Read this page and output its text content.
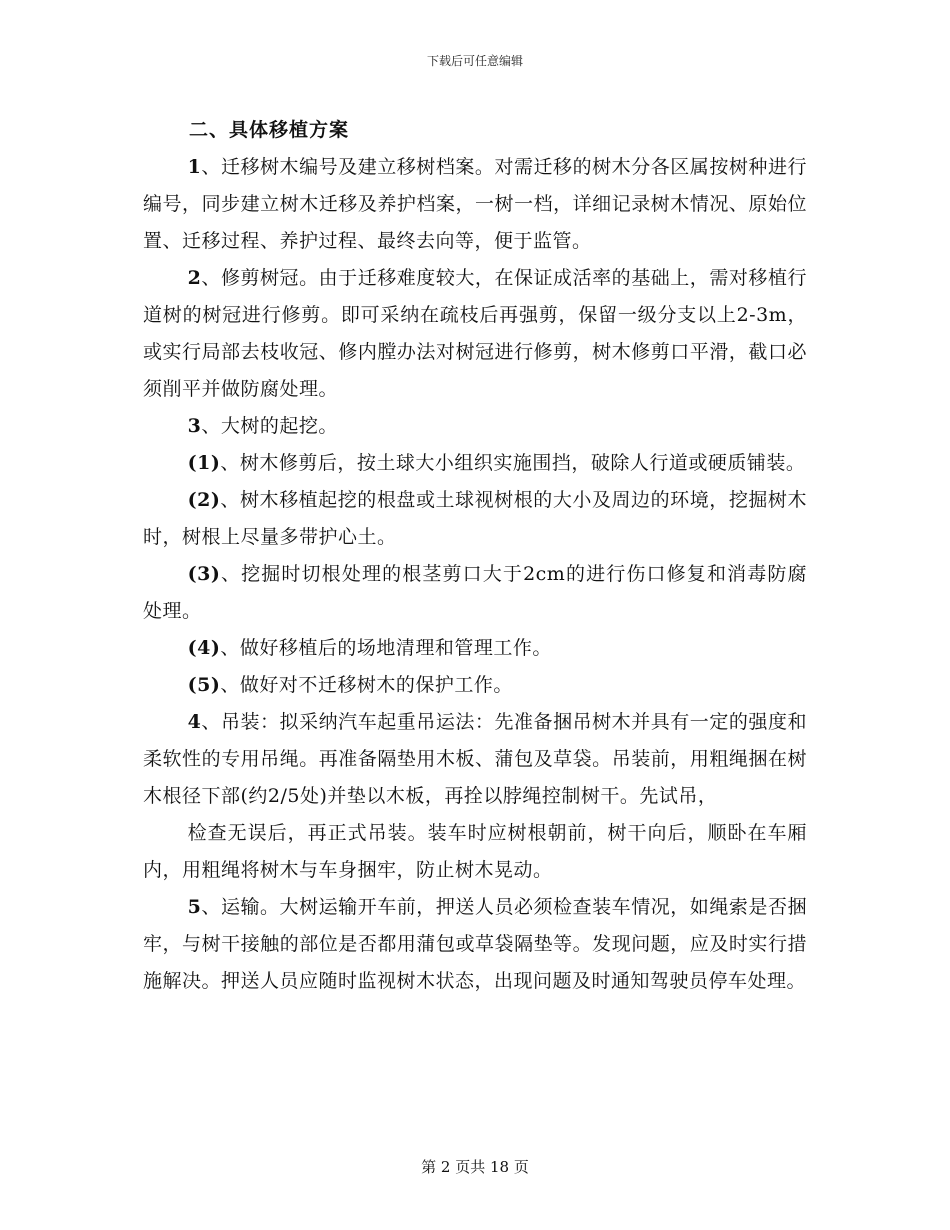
下载后可任意编辑
二、具体移植方案

1、迁移树木编号及建立移树档案。对需迁移的树木分各区属按树种进行编号，同步建立树木迁移及养护档案，一树一档，详细记录树木情况、原始位置、迁移过程、养护过程、最终去向等，便于监管。

2、修剪树冠。由于迁移难度较大，在保证成活率的基础上，需对移植行道树的树冠进行修剪。即可采纳在疏枝后再强剪，保留一级分支以上2-3m，或实行局部去枝收冠、修内膛办法对树冠进行修剪，树木修剪口平滑，截口必须削平并做防腐处理。

3、大树的起挖。

(1)、树木修剪后，按土球大小组织实施围挡，破除人行道或硬质铺装。

(2)、树木移植起挖的根盘或土球视树根的大小及周边的环境，挖掘树木时，树根上尽量多带护心土。

(3)、挖掘时切根处理的根茎剪口大于2cm的进行伤口修复和消毒防腐处理。

(4)、做好移植后的场地清理和管理工作。

(5)、做好对不迁移树木的保护工作。

4、吊装：拟采纳汽车起重吊运法：先准备捆吊树木并具有一定的强度和柔软性的专用吊绳。再准备隔垫用木板、蒲包及草袋。吊装前，用粗绳捆在树木根径下部(约2/5处)并垫以木板，再拴以脖绳控制树干。先试吊，

检查无误后，再正式吊装。装车时应树根朝前，树干向后，顺卧在车厢内，用粗绳将树木与车身捆牢，防止树木晃动。

5、运输。大树运输开车前，押送人员必须检查装车情况，如绳索是否捆牢，与树干接触的部位是否都用蒲包或草袋隔垫等。发现问题，应及时实行措施解决。押送人员应随时监视树木状态，出现问题及时通知驾驶员停车处理。

第 2 页共 18 页
